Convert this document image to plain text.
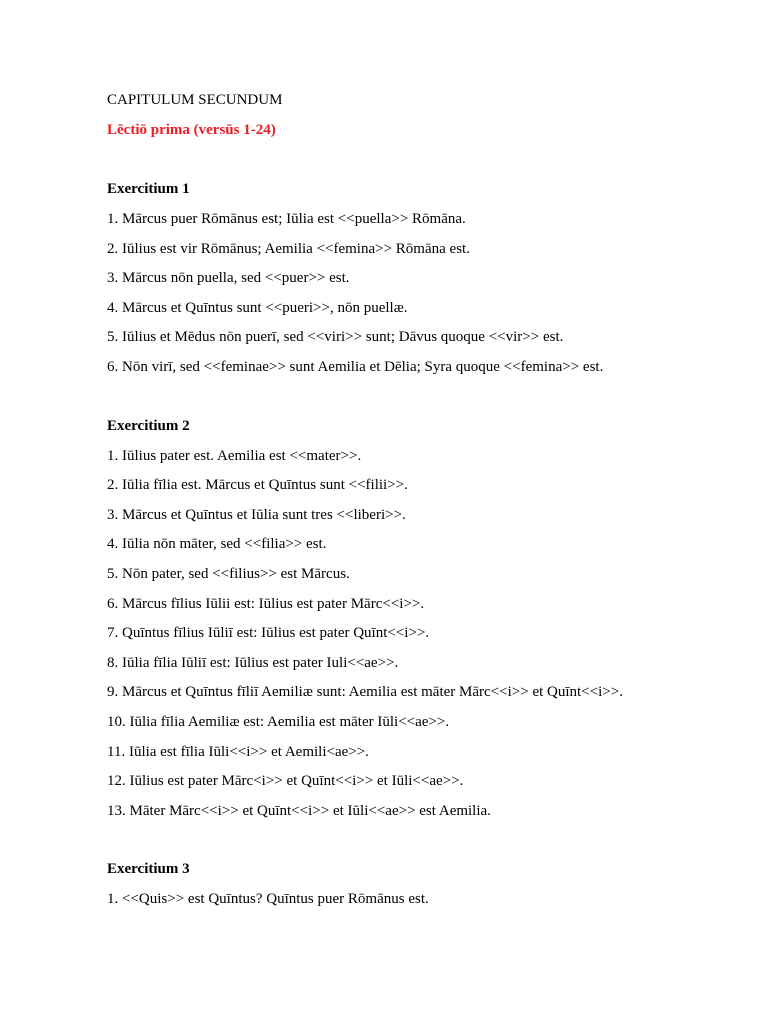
CAPITULUM SECUNDUM
Lēctiō prima (versūs 1-24)
Exercitium 1
1. Mārcus puer Rōmānus est; Iūlia est <<puella>> Rōmāna.
2. Iūlius est vir Rōmānus; Aemilia <<femina>> Rōmāna est.
3. Mārcus nōn puella, sed <<puer>> est.
4. Mārcus et Quīntus sunt <<pueri>>, nōn puellæ.
5. Iūlius et Mēdus nōn puerī, sed <<viri>> sunt; Dāvus quoque <<vir>> est.
6. Nōn virī, sed <<feminae>> sunt Aemilia et Dēlia; Syra quoque <<femina>> est.
Exercitium 2
1. Iūlius pater est. Aemilia est <<mater>>.
2. Iūlia fīlia est. Mārcus et Quīntus sunt <<filii>>.
3. Mārcus et Quīntus et Iūlia sunt tres <<liberi>>.
4. Iūlia nōn māter, sed <<filia>> est.
5. Nōn pater, sed <<filius>> est Mārcus.
6. Mārcus fīlius Iūlii est: Iūlius est pater Mārc<<i>>.
7. Quīntus fīlius Iūliī est: Iūlius est pater Quīnt<<i>>.
8. Iūlia fīlia Iūliī est: Iūlius est pater Iuli<<ae>>.
9. Mārcus et Quīntus fīliī Aemiliæ sunt: Aemilia est māter Mārc<<i>> et Quīnt<<i>>.
10. Iūlia fīlia Aemiliæ est: Aemilia est māter Iūli<<ae>>.
11. Iūlia est fīlia Iūli<<i>> et Aemili<ae>>.
12. Iūlius est pater Mārc<i>> et Quīnt<<i>> et Iūli<<ae>>.
13. Māter Mārc<<i>> et Quīnt<<i>> et Iūli<<ae>> est Aemilia.
Exercitium 3
1. <<Quis>> est Quīntus? Quīntus puer Rōmānus est.
